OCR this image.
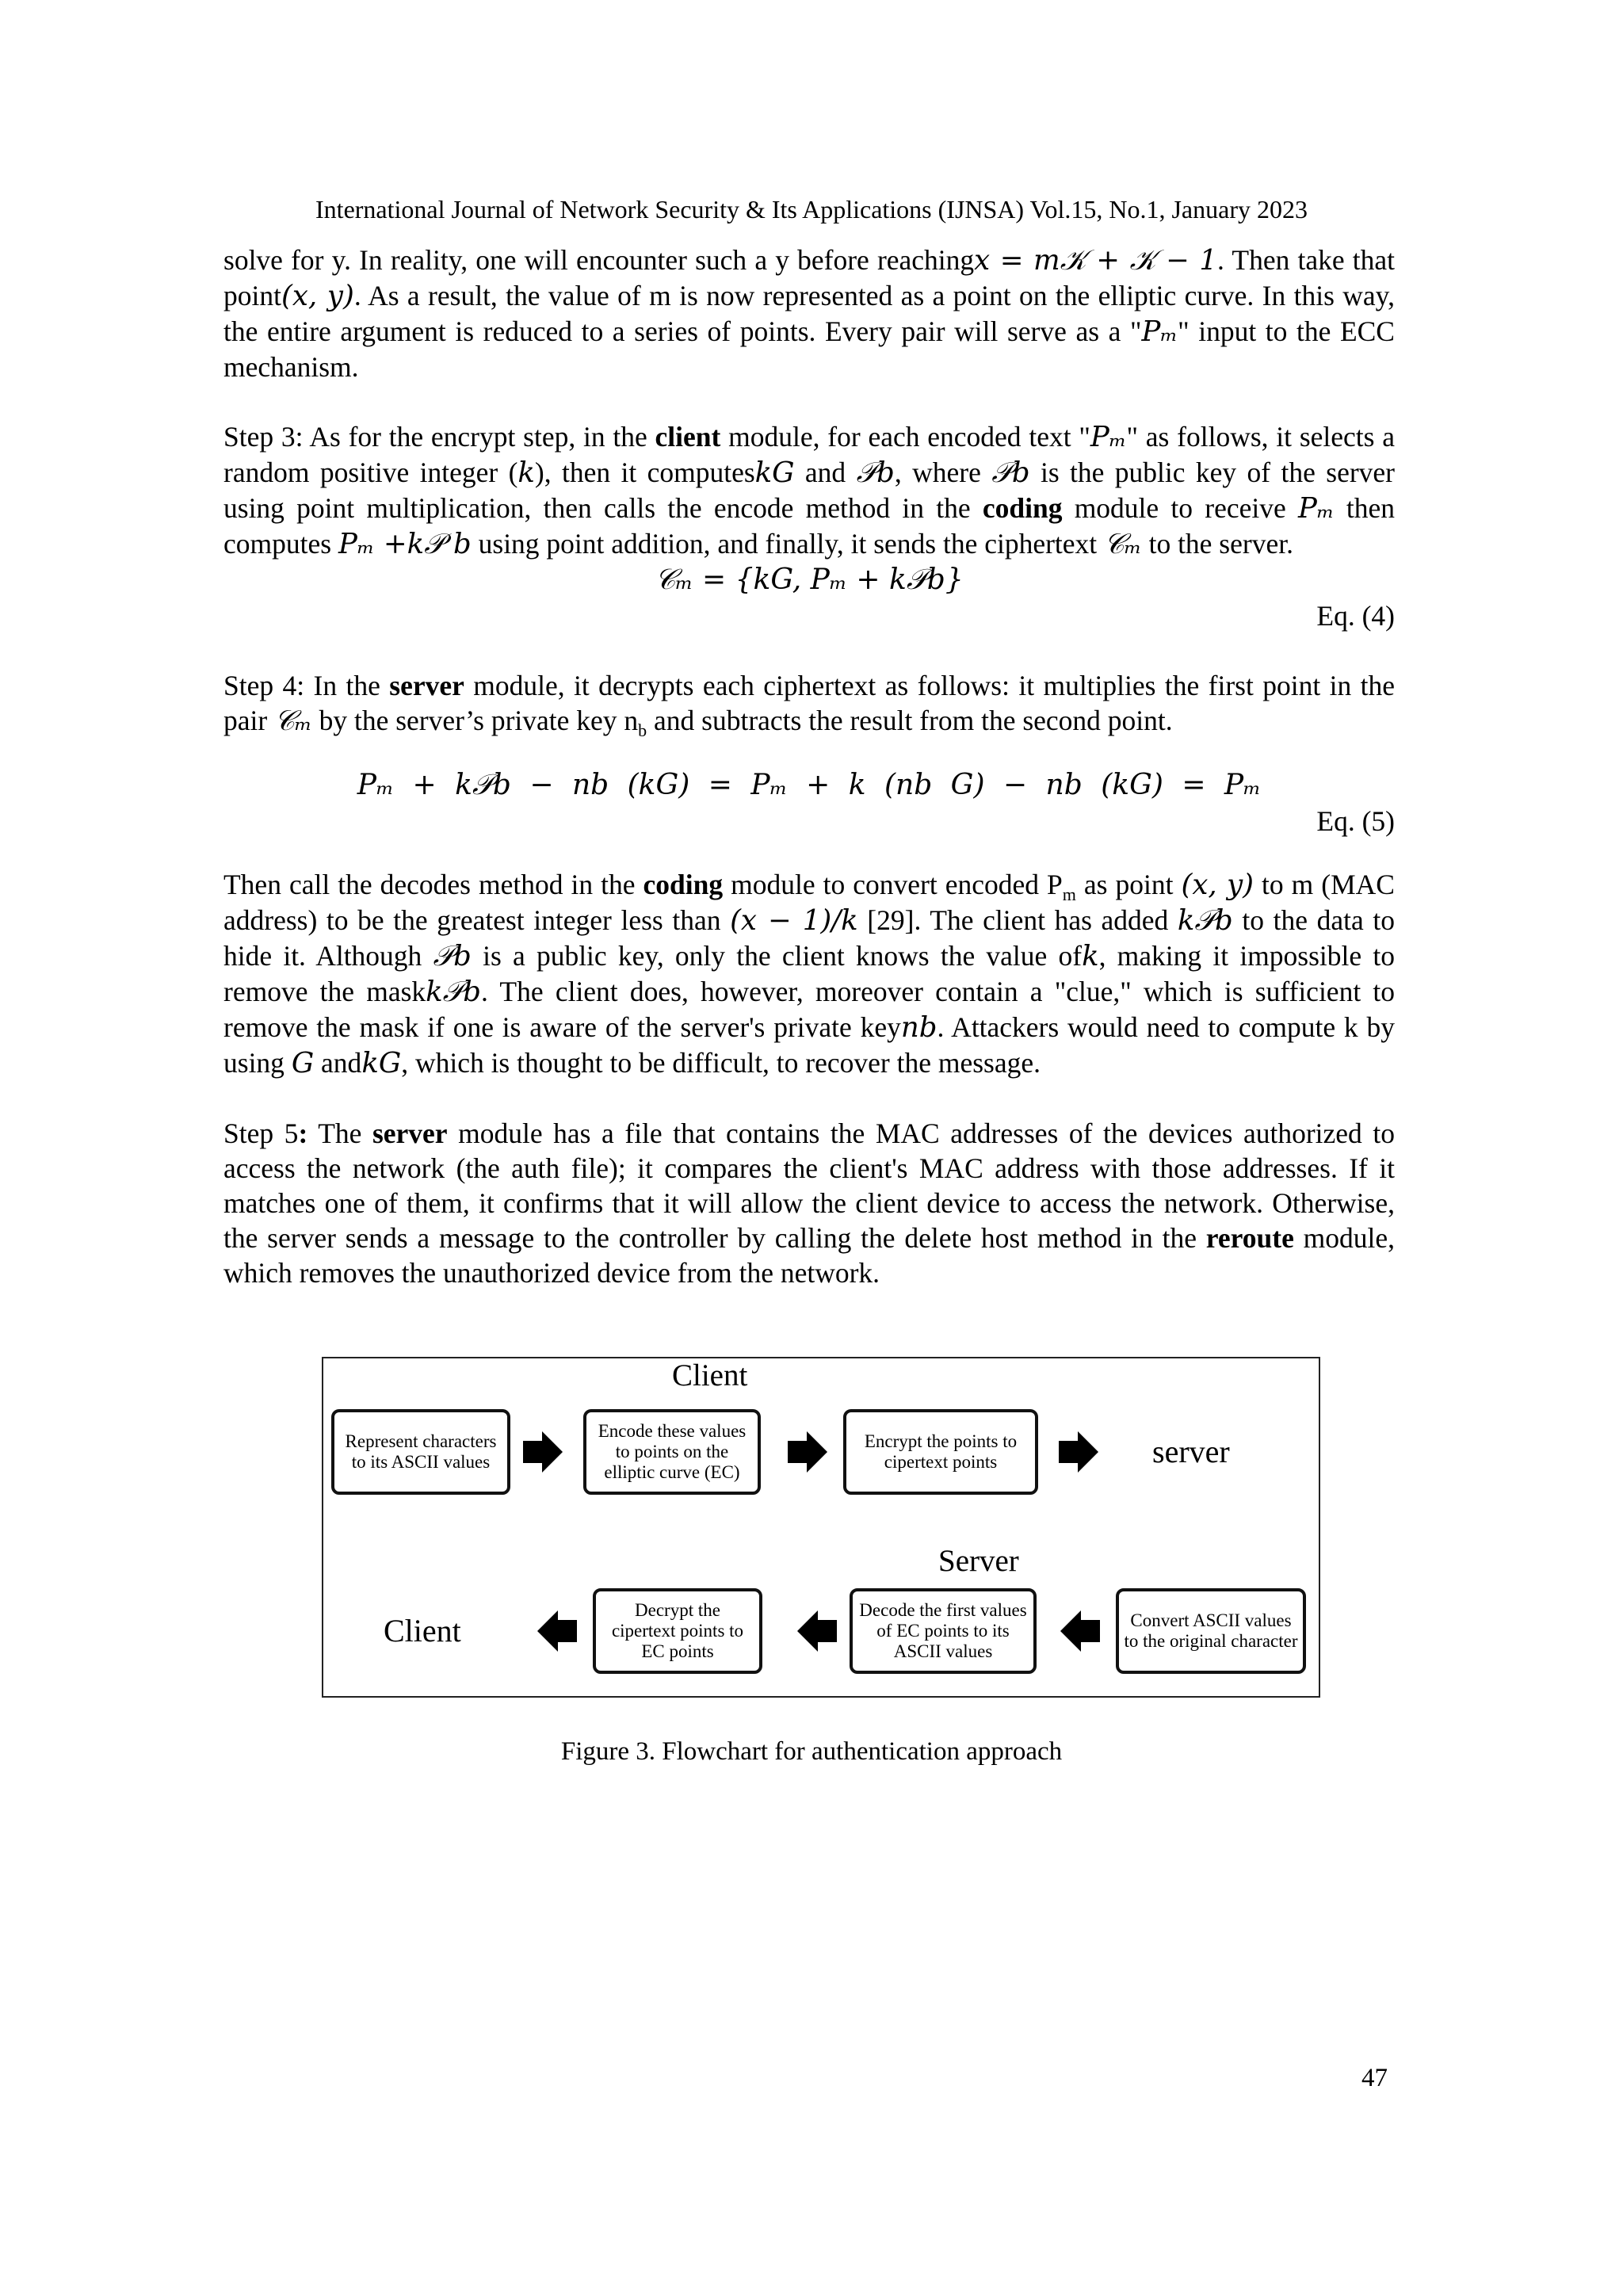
International Journal of Network Security & Its Applications (IJNSA) Vol.15, No.1, January 2023

solve for y. In reality, one will encounter such a y before reachingx = m𝒦 + 𝒦 − 1. Then take that point(x, y). As a result, the value of m is now represented as a point on the elliptic curve. In this way, the entire argument is reduced to a series of points. Every pair will serve as a "Pₘ" input to the ECC mechanism.

Step 3: As for the encrypt step, in the client module, for each encoded text "Pₘ" as follows, it selects a random positive integer (k), then it computeskG and 𝒫b, where 𝒫b is the public key of the server using point multiplication, then calls the encode method in the coding module to receive Pₘ then computes Pₘ +k𝒫 b using point addition, and finally, it sends the ciphertext 𝒞ₘ to the server.

𝒞ₘ = {kG, Pₘ + k𝒫b}
Eq. (4)

Step 4: In the server module, it decrypts each ciphertext as follows: it multiplies the first point in the pair 𝒞ₘ by the server’s private key $n_b$ and subtracts the result from the second point.

Pₘ + k𝒫b − nb (kG) = Pₘ + k (nb G) − nb (kG) = Pₘ
Eq. (5)

Then call the decodes method in the coding module to convert encoded $P_m$ as point (x, y) to m (MAC address) to be the greatest integer less than (x − 1)/k [29]. The client has added k𝒫b to the data to hide it. Although 𝒫b is a public key, only the client knows the value ofk, making it impossible to remove the maskk𝒫b. The client does, however, moreover contain a "clue," which is sufficient to remove the mask if one is aware of the server's private keynb. Attackers would need to compute k by using G andkG, which is thought to be difficult, to recover the message.

Step 5: The server module has a file that contains the MAC addresses of the devices authorized to access the network (the auth file); it compares the client's MAC address with those addresses. If it matches one of them, it confirms that it will allow the client device to access the network. Otherwise, the server sends a message to the controller by calling the delete host method in the reroute module, which removes the unauthorized device from the network.

Client
Represent characters to its ASCII values
Encode these values to points on the elliptic curve (EC)
Encrypt the points to cipertext points	server
Server
Client
Decrypt the cipertext points to EC points
Decode the first values of EC points to its ASCII values
Convert ASCII values to the original character
Figure 3. Flowchart for authentication approach
47
